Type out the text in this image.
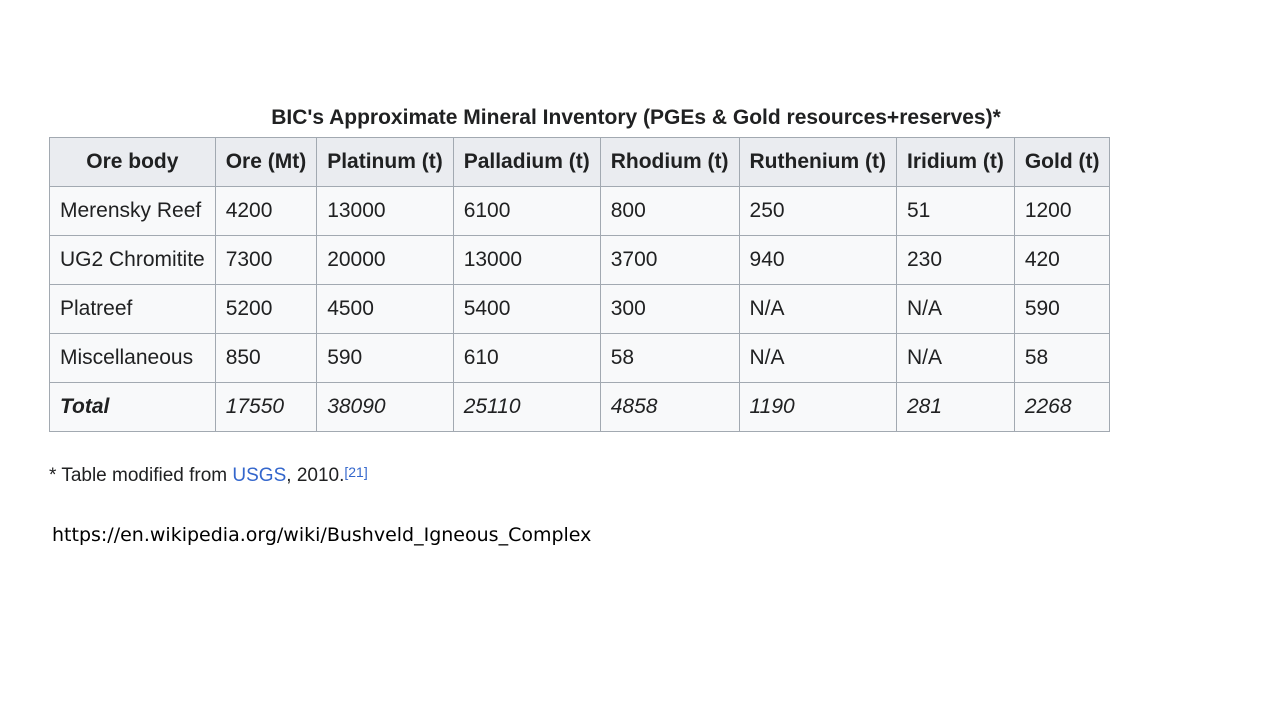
BIC's Approximate Mineral Inventory (PGEs & Gold resources+reserves)*
Ore body	Ore (Mt)	Platinum (t)	Palladium (t)	Rhodium (t)	Ruthenium (t)	Iridium (t)	Gold (t)
Merensky Reef	4200	13000	6100	800	250	51	1200
UG2 Chromitite	7300	20000	13000	3700	940	230	420
Platreef	5200	4500	5400	300	N/A	N/A	590
Miscellaneous	850	590	610	58	N/A	N/A	58
Total	17550	38090	25110	4858	1190	281	2268
* Table modified from USGS, 2010.[21]
https://en.wikipedia.org/wiki/Bushveld_Igneous_Complex
